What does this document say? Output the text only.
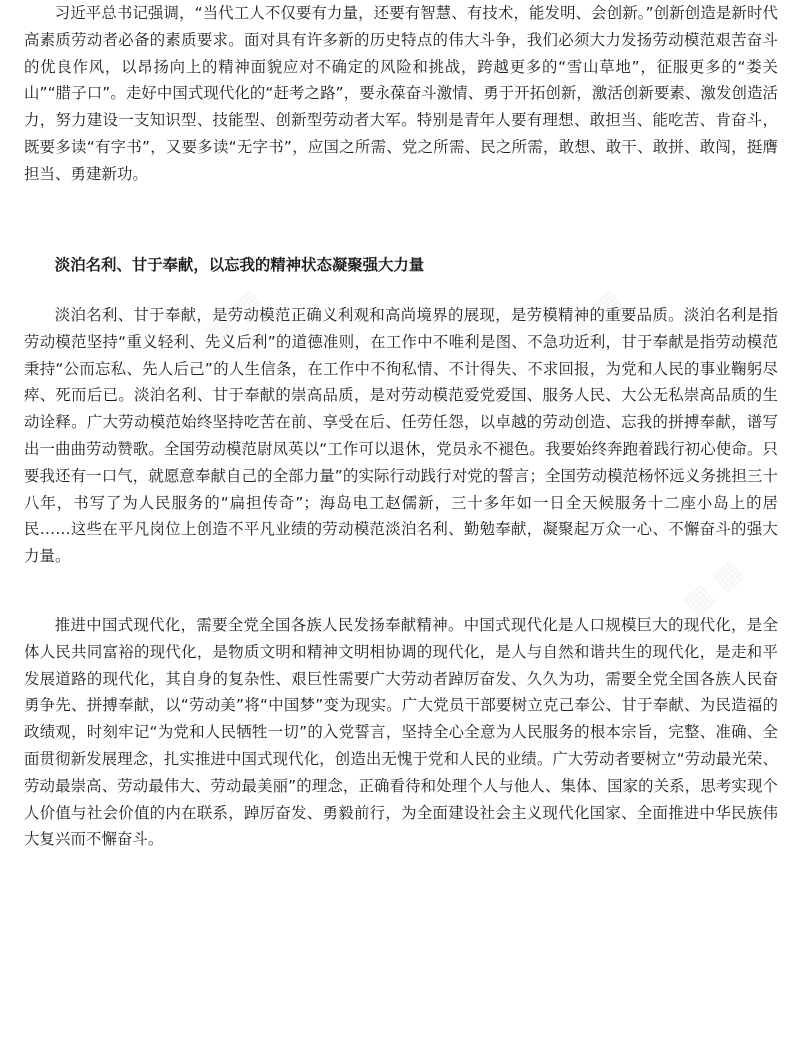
习近平总书记强调，“当代工人不仅要有力量，还要有智慧、有技术，能发明、会创新。”创新创造是新时代高素质劳动者必备的素质要求。面对具有许多新的历史特点的伟大斗争，我们必须大力发扬劳动模范艰苦奋斗的优良作风，以昂扬向上的精神面貌应对不确定的风险和挑战，跨越更多的“雪山草地”，征服更多的“娄关山”“腊子口”。走好中国式现代化的“赶考之路”，要永葆奋斗激情、勇于开拓创新，激活创新要素、激发创造活力，努力建设一支知识型、技能型、创新型劳动者大军。特别是青年人要有理想、敢担当、能吃苦、肯奋斗，既要多读“有字书”，又要多读“无字书”，应国之所需、党之所需、民之所需，敢想、敢干、敢拼、敢闯，挺膺担当、勇建新功。

淡泊名利、甘于奉献，以忘我的精神状态凝聚强大力量

淡泊名利、甘于奉献，是劳动模范正确义利观和高尚境界的展现，是劳模精神的重要品质。淡泊名利是指劳动模范坚持“重义轻利、先义后利”的道德准则，在工作中不唯利是图、不急功近利，甘于奉献是指劳动模范秉持“公而忘私、先人后己”的人生信条，在工作中不徇私情、不计得失、不求回报，为党和人民的事业鞠躬尽瘁、死而后已。淡泊名利、甘于奉献的崇高品质，是对劳动模范爱党爱国、服务人民、大公无私崇高品质的生动诠释。广大劳动模范始终坚持吃苦在前、享受在后、任劳任怨，以卓越的劳动创造、忘我的拼搏奉献，谱写出一曲曲劳动赞歌。全国劳动模范尉凤英以“工作可以退休，党员永不褪色。我要始终奔跑着践行初心使命。只要我还有一口气，就愿意奉献自己的全部力量”的实际行动践行对党的誓言；全国劳动模范杨怀远义务挑担三十八年，书写了为人民服务的“扁担传奇”；海岛电工赵儒新，三十多年如一日全天候服务十二座小岛上的居民……这些在平凡岗位上创造不平凡业绩的劳动模范淡泊名利、勤勉奉献，凝聚起万众一心、不懈奋斗的强大力量。

推进中国式现代化，需要全党全国各族人民发扬奉献精神。中国式现代化是人口规模巨大的现代化，是全体人民共同富裕的现代化，是物质文明和精神文明相协调的现代化，是人与自然和谐共生的现代化，是走和平发展道路的现代化，其自身的复杂性、艰巨性需要广大劳动者踔厉奋发、久久为功，需要全党全国各族人民奋勇争先、拼搏奉献，以“劳动美”将“中国梦”变为现实。广大党员干部要树立克己奉公、甘于奉献、为民造福的政绩观，时刻牢记“为党和人民牺牲一切”的入党誓言，坚持全心全意为人民服务的根本宗旨，完整、准确、全面贯彻新发展理念，扎实推进中国式现代化，创造出无愧于党和人民的业绩。广大劳动者要树立“劳动最光荣、劳动最崇高、劳动最伟大、劳动最美丽”的理念，正确看待和处理个人与他人、集体、国家的关系，思考实现个人价值与社会价值的内在联系，踔厉奋发、勇毅前行，为全面建设社会主义现代化国家、全面推进中华民族伟大复兴而不懈奋斗。
